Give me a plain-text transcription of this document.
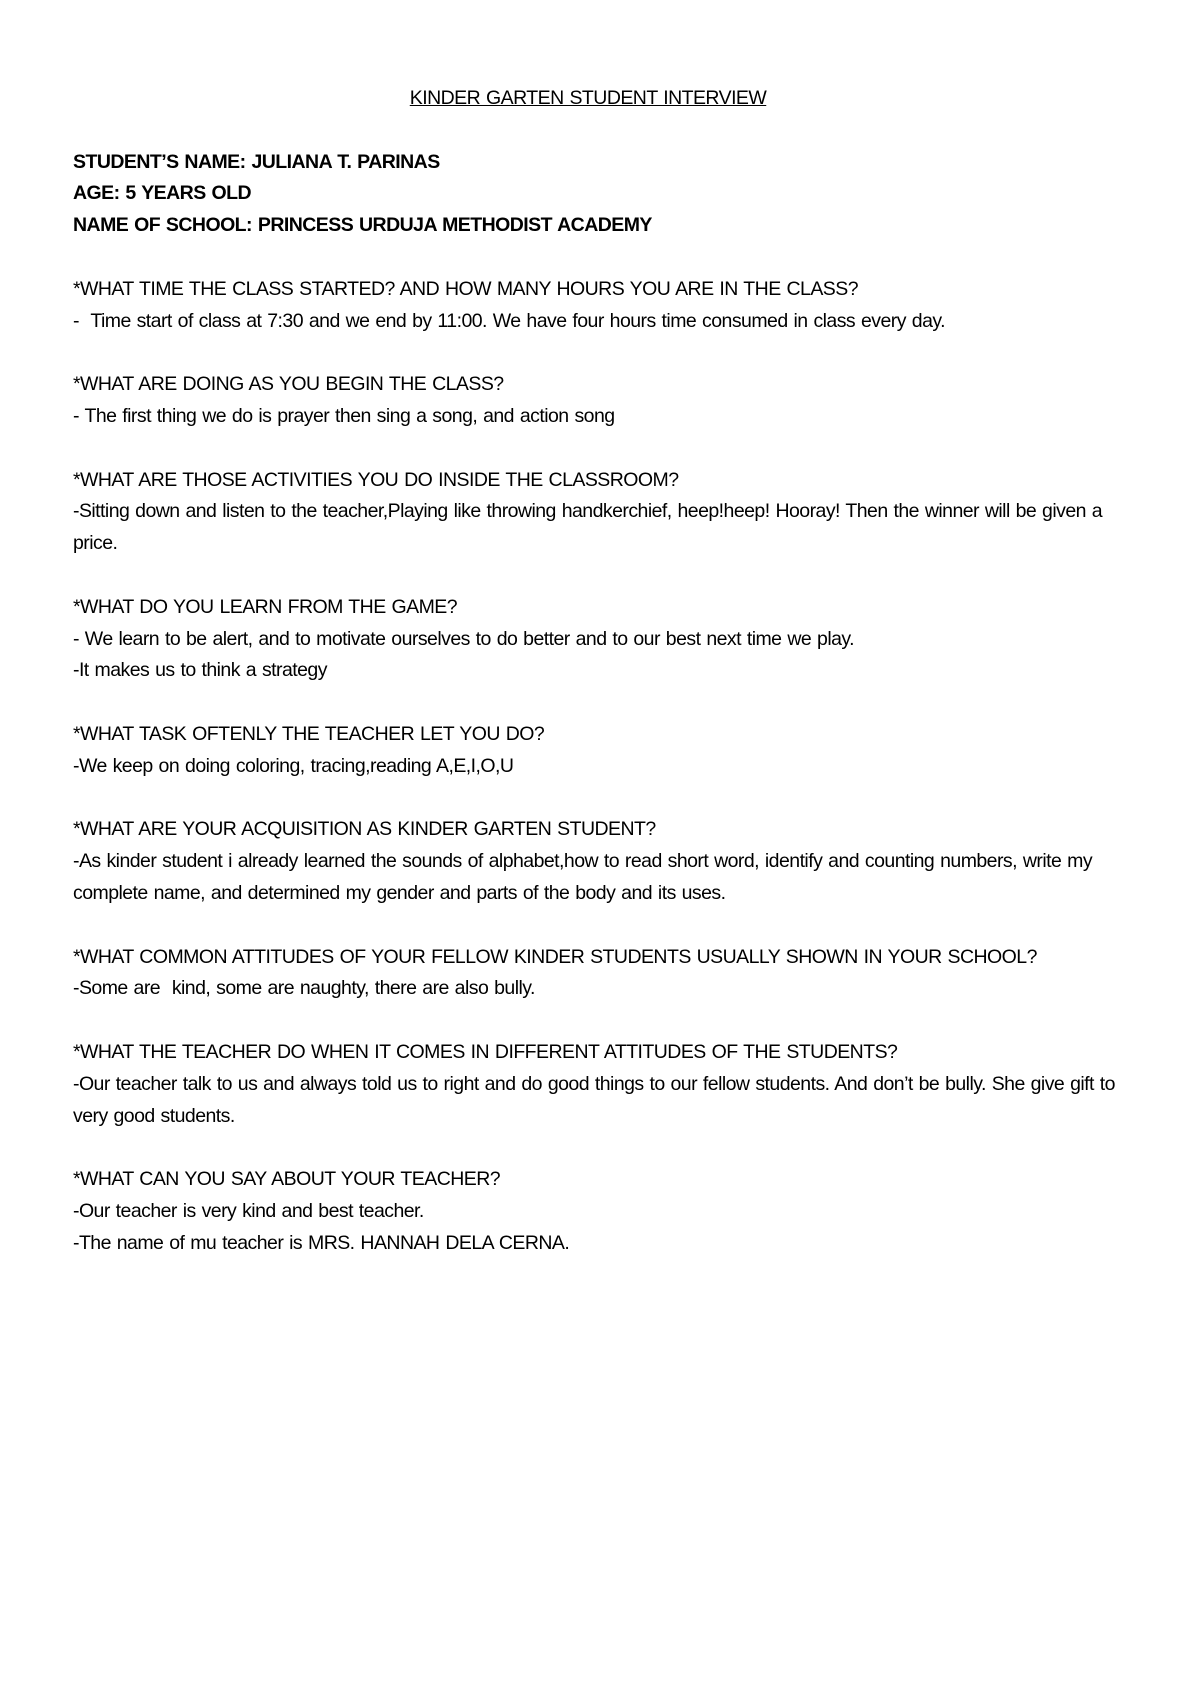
KINDER GARTEN STUDENT INTERVIEW

STUDENT’S NAME: JULIANA T. PARINAS

AGE: 5 YEARS OLD

NAME OF SCHOOL: PRINCESS URDUJA METHODIST ACADEMY

*WHAT TIME THE CLASS STARTED? AND HOW MANY HOURS YOU ARE IN THE CLASS?

-  Time start of class at 7:30 and we end by 11:00. We have four hours time consumed in class every day.

*WHAT ARE DOING AS YOU BEGIN THE CLASS?

- The first thing we do is prayer then sing a song, and action song

*WHAT ARE THOSE ACTIVITIES YOU DO INSIDE THE CLASSROOM?

-Sitting down and listen to the teacher,Playing like throwing handkerchief, heep!heep! Hooray! Then the winner will be given a price.

*WHAT DO YOU LEARN FROM THE GAME?

- We learn to be alert, and to motivate ourselves to do better and to our best next time we play.

-It makes us to think a strategy

*WHAT TASK OFTENLY THE TEACHER LET YOU DO?

-We keep on doing coloring, tracing,reading A,E,I,O,U

*WHAT ARE YOUR ACQUISITION AS KINDER GARTEN STUDENT?

-As kinder student i already learned the sounds of alphabet,how to read short word, identify and counting numbers, write my complete name, and determined my gender and parts of the body and its uses.

*WHAT COMMON ATTITUDES OF YOUR FELLOW KINDER STUDENTS USUALLY SHOWN IN YOUR SCHOOL?

-Some are  kind, some are naughty, there are also bully.

*WHAT THE TEACHER DO WHEN IT COMES IN DIFFERENT ATTITUDES OF THE STUDENTS?

-Our teacher talk to us and always told us to right and do good things to our fellow students. And don’t be bully. She give gift to very good students.

*WHAT CAN YOU SAY ABOUT YOUR TEACHER?

-Our teacher is very kind and best teacher.

-The name of mu teacher is MRS. HANNAH DELA CERNA.
